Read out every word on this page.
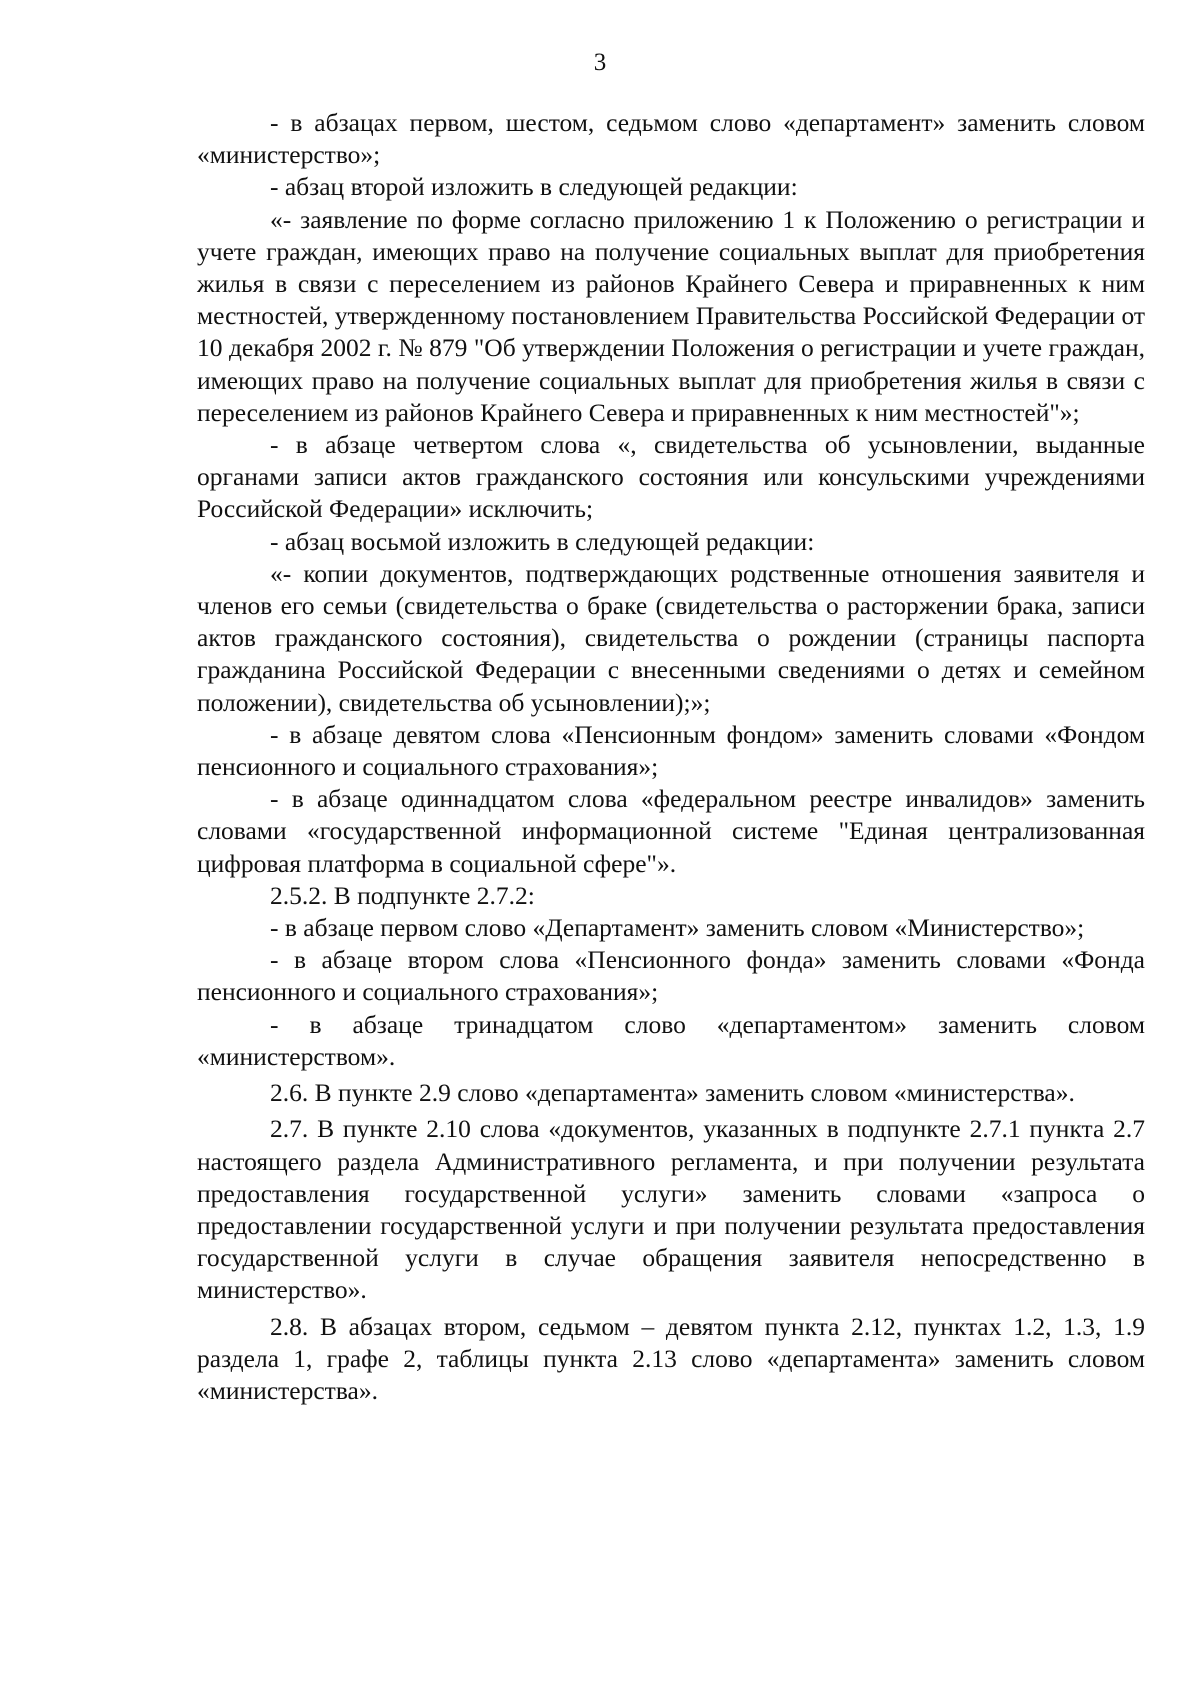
3

- в абзацах первом, шестом, седьмом слово «департамент» заменить словом «министерство»;

- абзац второй изложить в следующей редакции:

«- заявление по форме согласно приложению 1 к Положению о регистрации и учете граждан, имеющих право на получение социальных выплат для приобретения жилья в связи с переселением из районов Крайнего Севера и приравненных к ним местностей, утвержденному постановлением Правительства Российской Федерации от 10 декабря 2002 г. № 879 "Об утверждении Положения о регистрации и учете граждан, имеющих право на получение социальных выплат для приобретения жилья в связи с переселением из районов Крайнего Севера и приравненных к ним местностей"»;

- в абзаце четвертом слова «, свидетельства об усыновлении, выданные органами записи актов гражданского состояния или консульскими учреждениями Российской Федерации» исключить;

- абзац восьмой изложить в следующей редакции:

«- копии документов, подтверждающих родственные отношения заявителя и членов его семьи (свидетельства о браке (свидетельства о расторжении брака, записи актов гражданского состояния), свидетельства о рождении (страницы паспорта гражданина Российской Федерации с внесенными сведениями о детях и семейном положении), свидетельства об усыновлении);»;

- в абзаце девятом слова «Пенсионным фондом» заменить словами «Фондом пенсионного и социального страхования»;

- в абзаце одиннадцатом слова «федеральном реестре инвалидов» заменить словами «государственной информационной системе "Единая централизованная цифровая платформа в социальной сфере"».

2.5.2. В подпункте 2.7.2:

- в абзаце первом слово «Департамент» заменить словом «Министерство»;

- в абзаце втором слова «Пенсионного фонда» заменить словами «Фонда пенсионного и социального страхования»;

- в абзаце тринадцатом слово «департаментом» заменить словом «министерством».

2.6. В пункте 2.9 слово «департамента» заменить словом «министерства».

2.7. В пункте 2.10 слова «документов, указанных в подпункте 2.7.1 пункта 2.7 настоящего раздела Административного регламента, и при получении результата предоставления государственной услуги» заменить словами «запроса о предоставлении государственной услуги и при получении результата предоставления государственной услуги в случае обращения заявителя непосредственно в министерство».

2.8. В абзацах втором, седьмом – девятом пункта 2.12, пунктах 1.2, 1.3, 1.9 раздела 1, графе 2, таблицы пункта 2.13 слово «департамента» заменить словом «министерства».
